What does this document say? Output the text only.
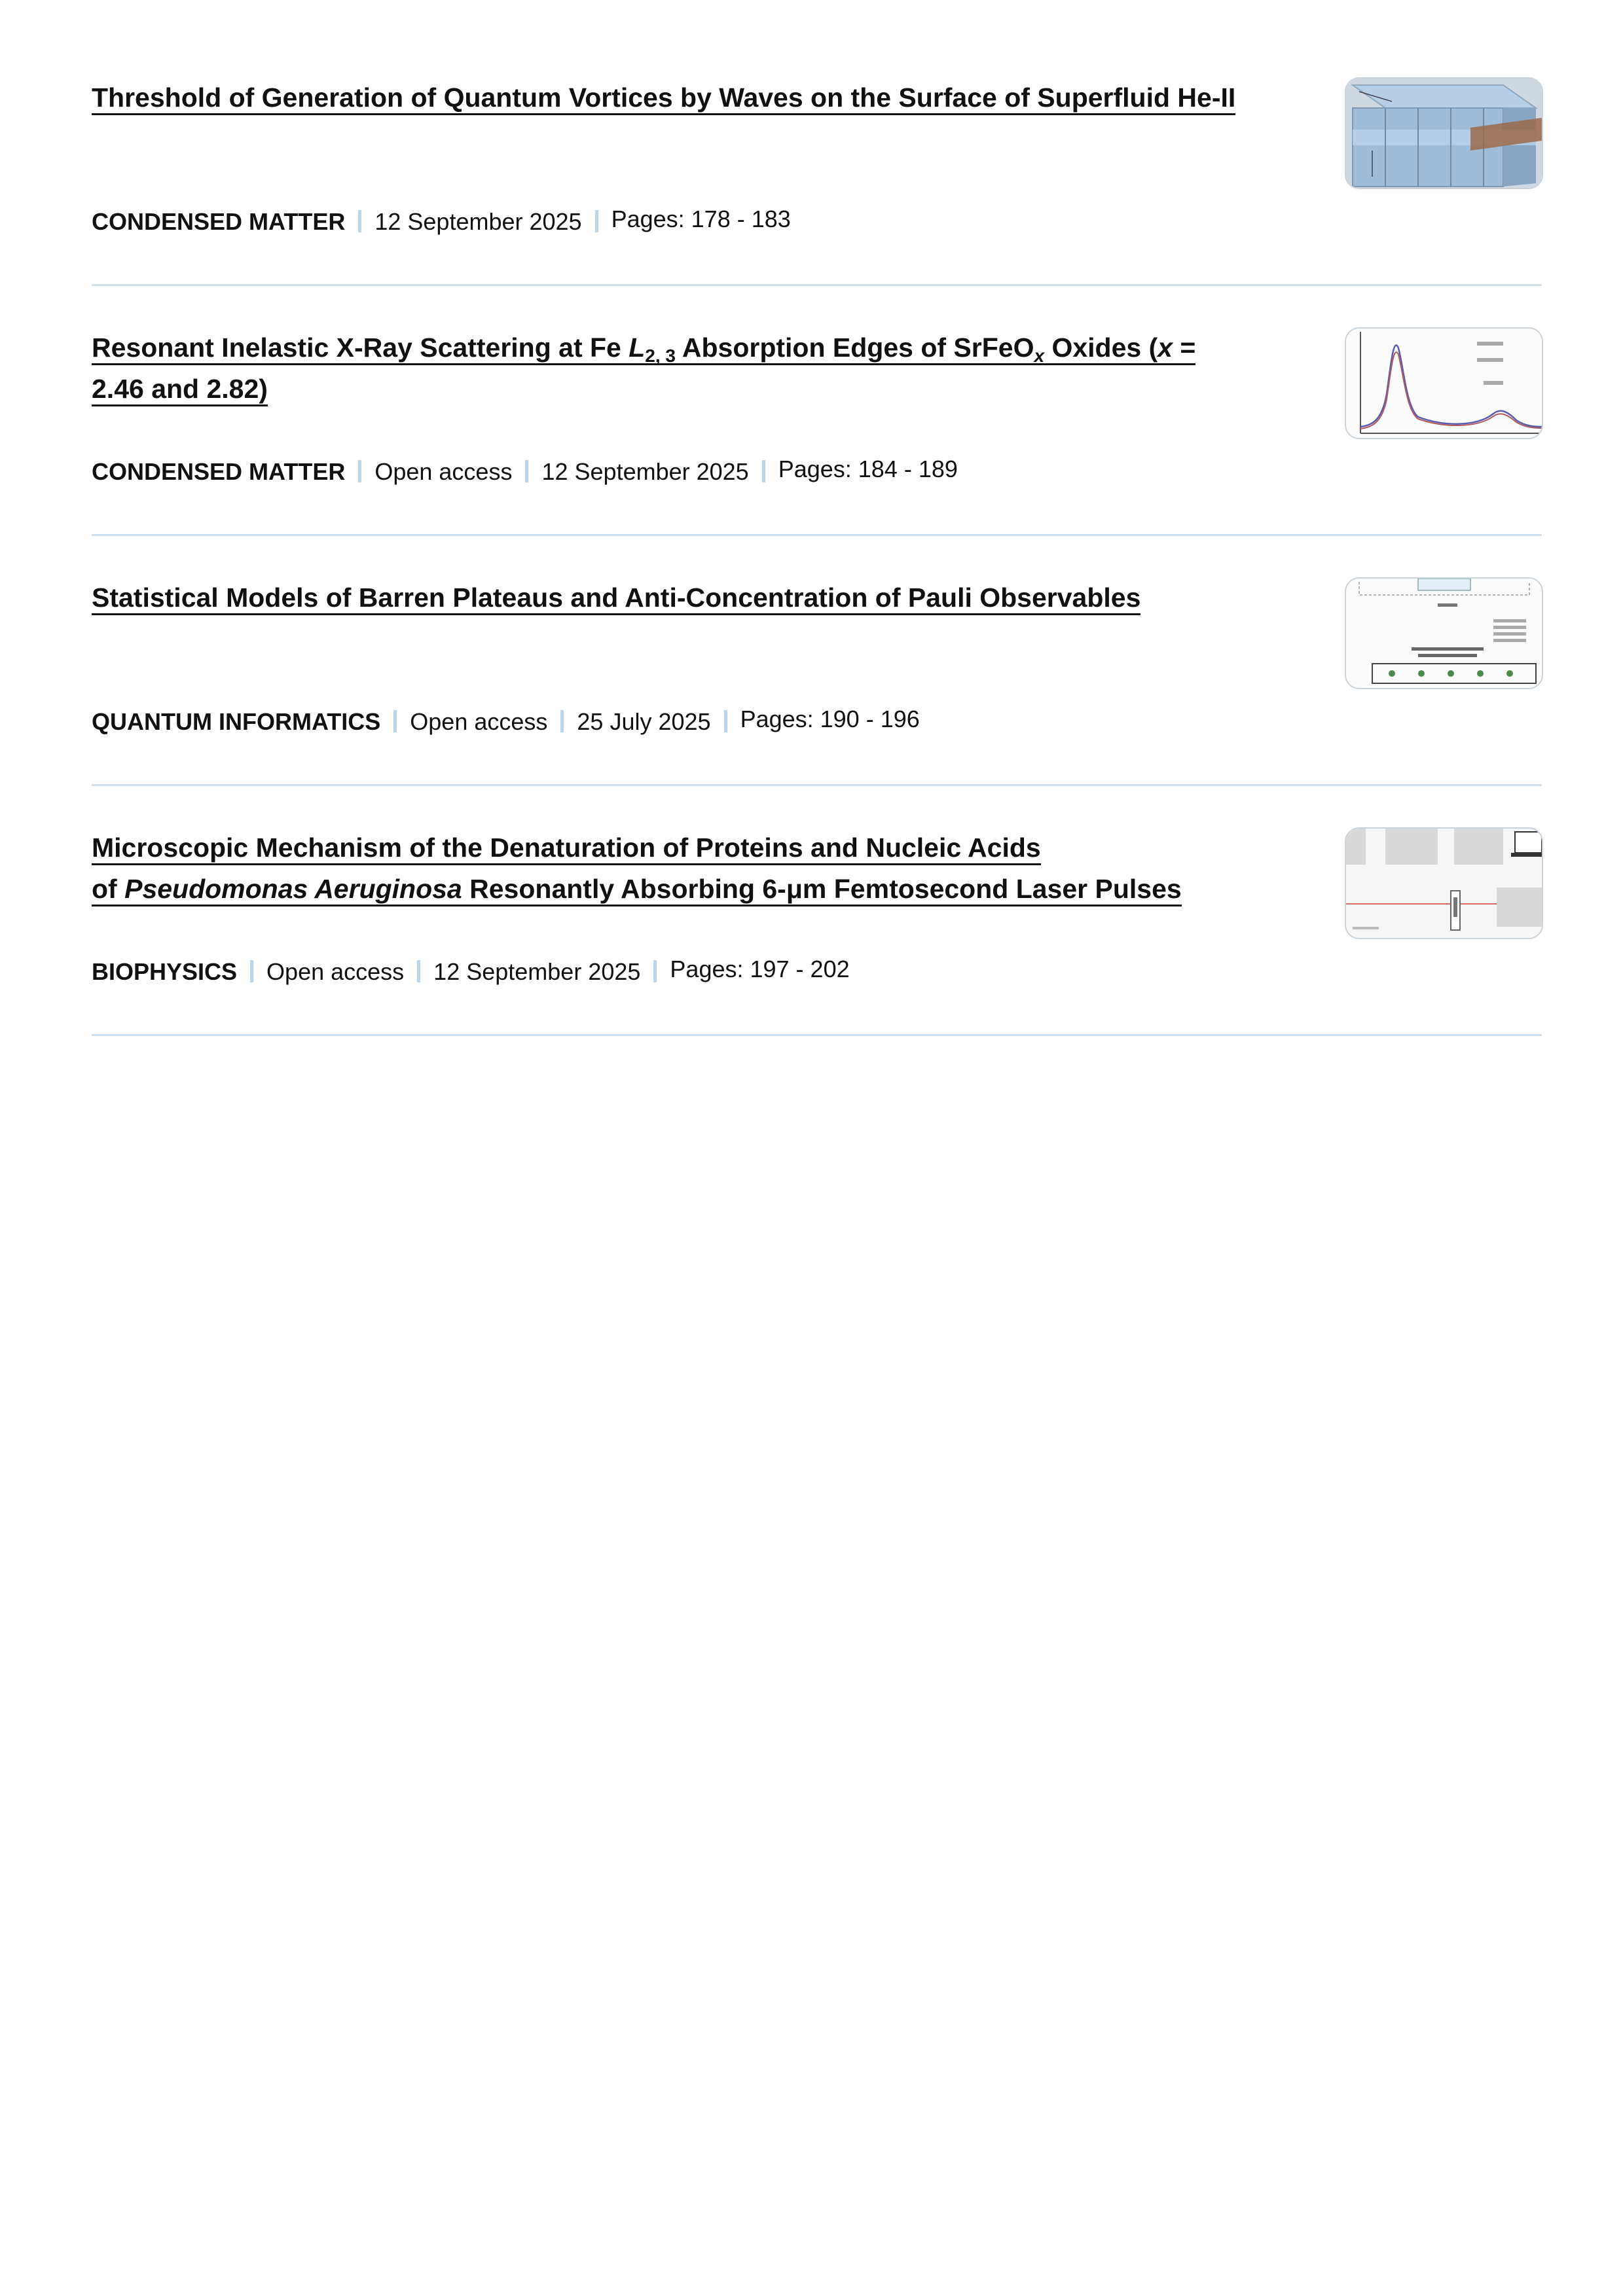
Threshold of Generation of Quantum Vortices by Waves on the Surface of Superfluid He-II
CONDENSED MATTER 12 September 2025 Pages: 178 - 183
Resonant Inelastic X-Ray Scattering at Fe $L_{2, 3}$ Absorption Edges of SrFeO$_x$ Oxides (x =
2.46 and 2.82)
CONDENSED MATTER Open access 12 September 2025 Pages: 184 - 189
Statistical Models of Barren Plateaus and Anti-Concentration of Pauli Observables
QUANTUM INFORMATICS Open access 25 July 2025 Pages: 190 - 196
Microscopic Mechanism of the Denaturation of Proteins and Nucleic Acids
of Pseudomonas Aeruginosa Resonantly Absorbing 6-μm Femtosecond Laser Pulses
BIOPHYSICS Open access 12 September 2025 Pages: 197 - 202
